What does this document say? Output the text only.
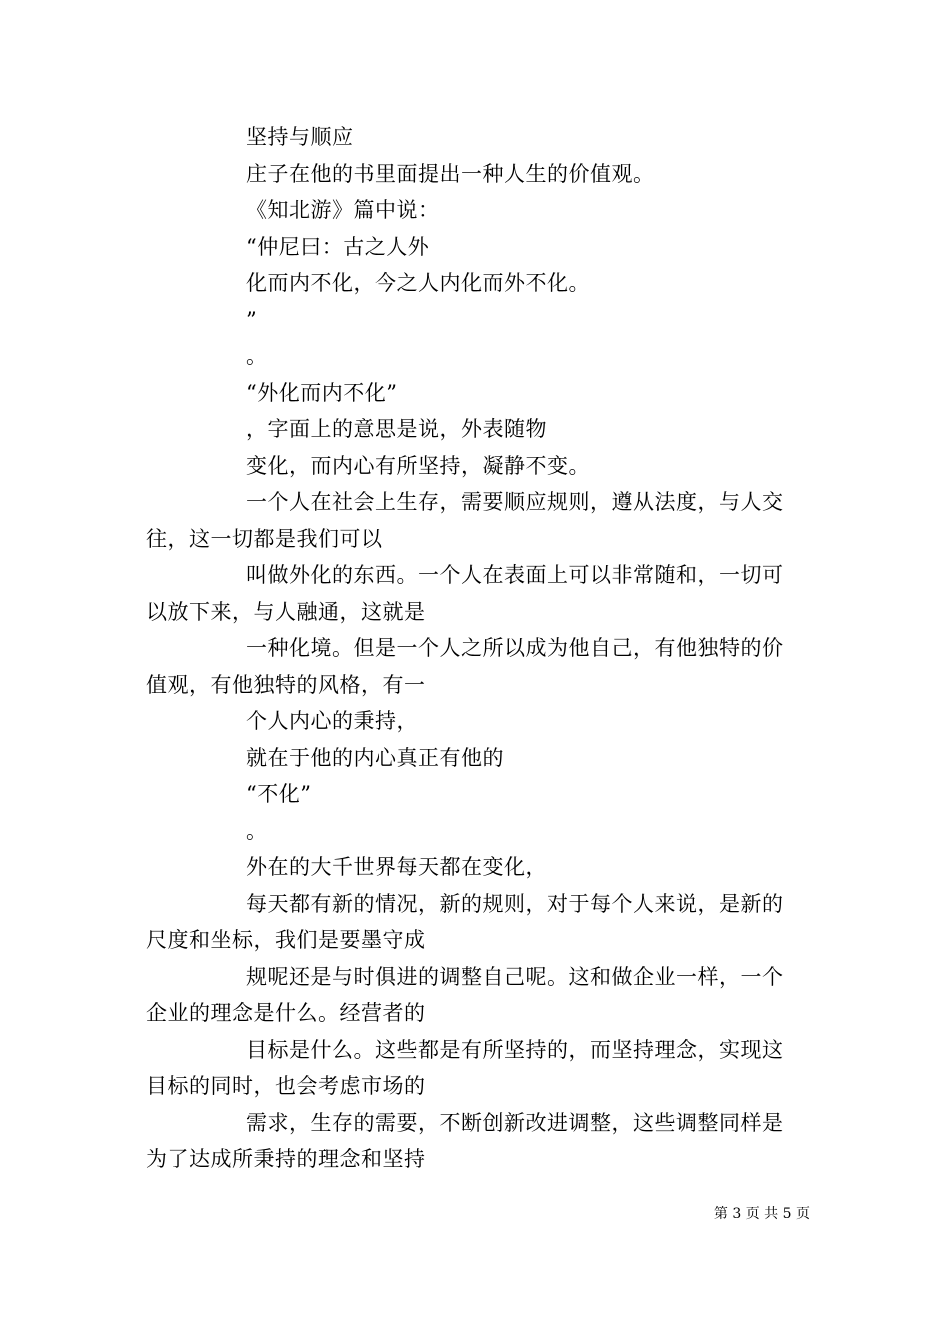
坚持与顺应
庄子在他的书里面提出一种人生的价值观。
《知北游》篇中说：
“仲尼曰：古之人外
化而内不化，今之人内化而外不化。
”
。
“外化而内不化”
，字面上的意思是说，外表随物
变化，而内心有所坚持，凝静不变。
一个人在社会上生存，需要顺应规则，遵从法度，与人交
往，这一切都是我们可以
叫做外化的东西。一个人在表面上可以非常随和，一切可
以放下来，与人融通，这就是
一种化境。但是一个人之所以成为他自己，有他独特的价
值观，有他独特的风格，有一
个人内心的秉持，
就在于他的内心真正有他的
“不化”
。
外在的大千世界每天都在变化，
每天都有新的情况，新的规则，对于每个人来说，是新的
尺度和坐标，我们是要墨守成
规呢还是与时俱进的调整自己呢。这和做企业一样，一个
企业的理念是什么。经营者的
目标是什么。这些都是有所坚持的，而坚持理念，实现这
目标的同时，也会考虑市场的
需求，生存的需要，不断创新改进调整，这些调整同样是
为了达成所秉持的理念和坚持
第 3 页 共 5 页
